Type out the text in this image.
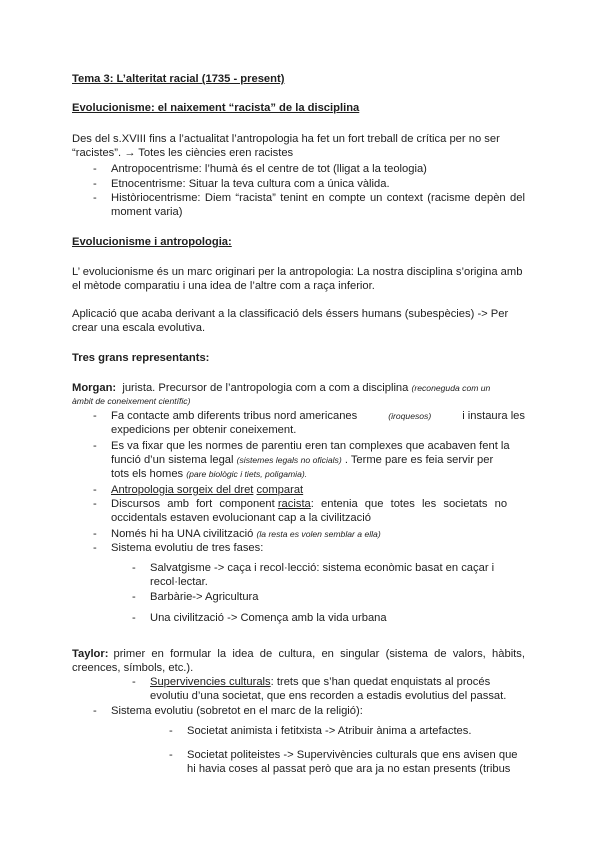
Tema 3: L’alteritat racial (1735 - present)

Evolucionisme: el naixement “racista” de la disciplina

Des del s.XVIII fins a l’actualitat l’antropologia ha fet un fort treball de crítica per no ser

“racistes”. → Totes les ciències eren racistes

- Antropocentrisme: l’humà és el centre de tot (lligat a la teologia)

- Etnocentrisme: Situar la teva cultura com a única vàlida.

- Històriocentrisme: Diem “racista” tenint en compte un context (racisme depèn del

moment varia)

Evolucionisme i antropologia:

L’ evolucionisme és un marc originari per la antropologia: La nostra disciplina s’origina amb

el mètode comparatiu i una idea de l’altre com a raça inferior.

Aplicació que acaba derivant a la classificació dels éssers humans (subespècies) -> Per

crear una escala evolutiva.

Tres grans representants:

Morgan: jurista. Precursor de l’antropologia com a com a disciplina (reconeguda com un

àmbit de coneixement científic)

- Fa contacte amb diferents tribus nord americanes	(iroquesos)	i instaura les

expedicions per obtenir coneixement.

- Es va fixar que les normes de parentiu eren tan complexes que acabaven fent la

funció d’un sistema legal (sistemes legals no oficials) . Terme pare es feia servir per

tots els homes (pare biològic i tiets, poligamia).

- Antropologia sorgeix del dret comparat

- Discursos amb fort component
racista : entenia que totes les societats no

occidentals estaven evolucionant cap a la civilització

- Només hi ha UNA civilització (la resta es volen semblar a ella)

- Sistema evolutiu de tres fases:

- Salvatgisme -> caça i recol·lecció: sistema econòmic basat en caçar i

recol·lectar.

- Barbàrie-> Agricultura

- Una civilització -> Comença amb la vida urbana

Taylor: primer en formular la idea de cultura, en singular (sistema de valors, hàbits,

creences, símbols, etc.).

- Supervivencies culturals: trets que s’han quedat enquistats al procés

evolutiu d’una societat, que ens recorden a estadis evolutius del passat.

- Sistema evolutiu (sobretot en el marc de la religió):

- Societat animista i fetitxista -> Atribuir ànima a artefactes.

- Societat politeistes -> Supervivències culturals que ens avisen que

hi havia coses al passat però que ara ja no estan presents (tribus
